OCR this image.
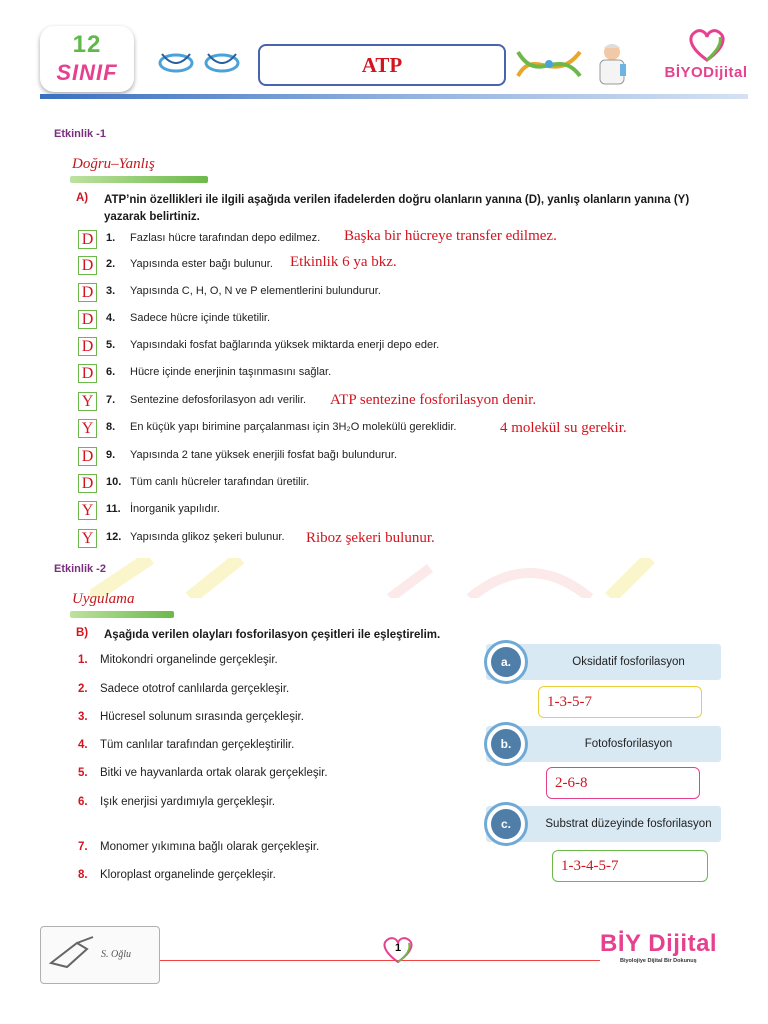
12
SINIF	ATP	BİYODijital
Etkinlik -1
Doğru–Yanlış
A) ATP’nin özellikleri ile ilgili aşağıda verilen ifadelerden doğru olanların yanına (D), yanlış olanların yanına (Y) yazarak belirtiniz.
D	1. Fazlası hücre tarafından depo edilmez. Başka bir hücreye transfer edilmez.
D	2. Yapısında ester bağı bulunur. Etkinlik 6 ya bkz.
D	3. Yapısında C, H, O, N ve P elementlerini bulundurur.
D	4. Sadece hücre içinde tüketilir.
D	5. Yapısındaki fosfat bağlarında yüksek miktarda enerji depo eder.
D	6. Hücre içinde enerjinin taşınmasını sağlar.
Y	7. Sentezine defosforilasyon adı verilir. ATP sentezine fosforilasyon denir.
Y	8. En küçük yapı birimine parçalanması için 3H₂O molekülü gereklidir.	4 molekül su gerekir.
D	9. Yapısında 2 tane yüksek enerjili fosfat bağı bulundurur.
D	10. Tüm canlı hücreler tarafından üretilir.
Y	11. İnorganik yapılıdır.
Y	12. Yapısında glikoz şekeri bulunur. Riboz şekeri bulunur.
Etkinlik -2
Uygulama
B) Aşağıda verilen olayları fosforilasyon çeşitleri ile eşleştirelim.
1. Mitokondri organelinde gerçekleşir.
2. Sadece ototrof canlılarda gerçekleşir.
3. Hücresel solunum sırasında gerçekleşir.
4. Tüm canlılar tarafından gerçekleştirilir.
5. Bitki ve hayvanlarda ortak olarak gerçekleşir.
6. Işık enerjisi yardımıyla gerçekleşir.
7. Monomer yıkımına bağlı olarak gerçekleşir.
8. Kloroplast organelinde gerçekleşir.
a.	Oksidatif fosforilasyon
1-3-5-7
b.	Fotofosforilasyon
2-6-8
c.	Substrat düzeyinde fosforilasyon
1-3-4-5-7
S. Oğlu
1	BİY Dijital
Biyolojiye Dijital Bir Dokunuş
